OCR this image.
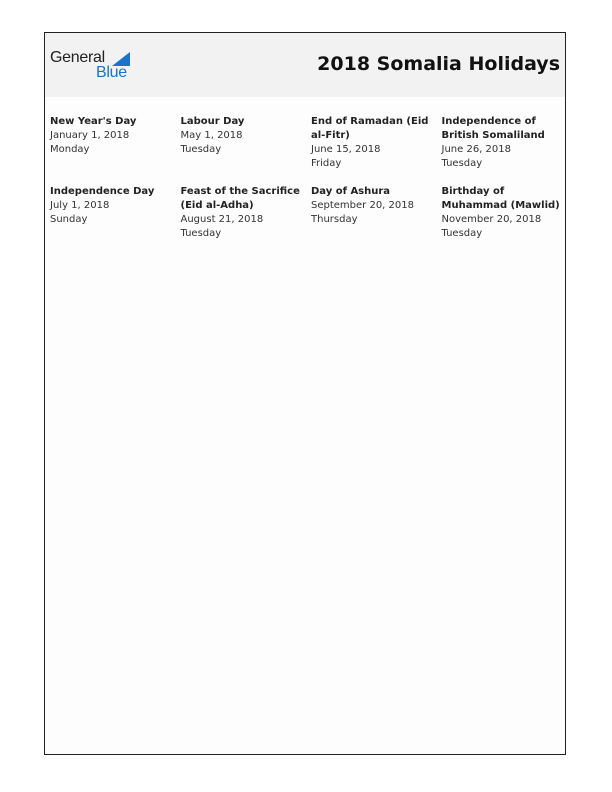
General
Blue	2018 Somalia Holidays
New Year's Day
January 1, 2018
Monday
Labour Day
May 1, 2018
Tuesday
End of Ramadan (Eid al-Fitr)
June 15, 2018
Friday
Independence of British Somaliland
June 26, 2018
Tuesday
Independence Day
July 1, 2018
Sunday
Feast of the Sacrifice (Eid al-Adha)
August 21, 2018
Tuesday
Day of Ashura
September 20, 2018
Thursday
Birthday of Muhammad (Mawlid)
November 20, 2018
Tuesday
